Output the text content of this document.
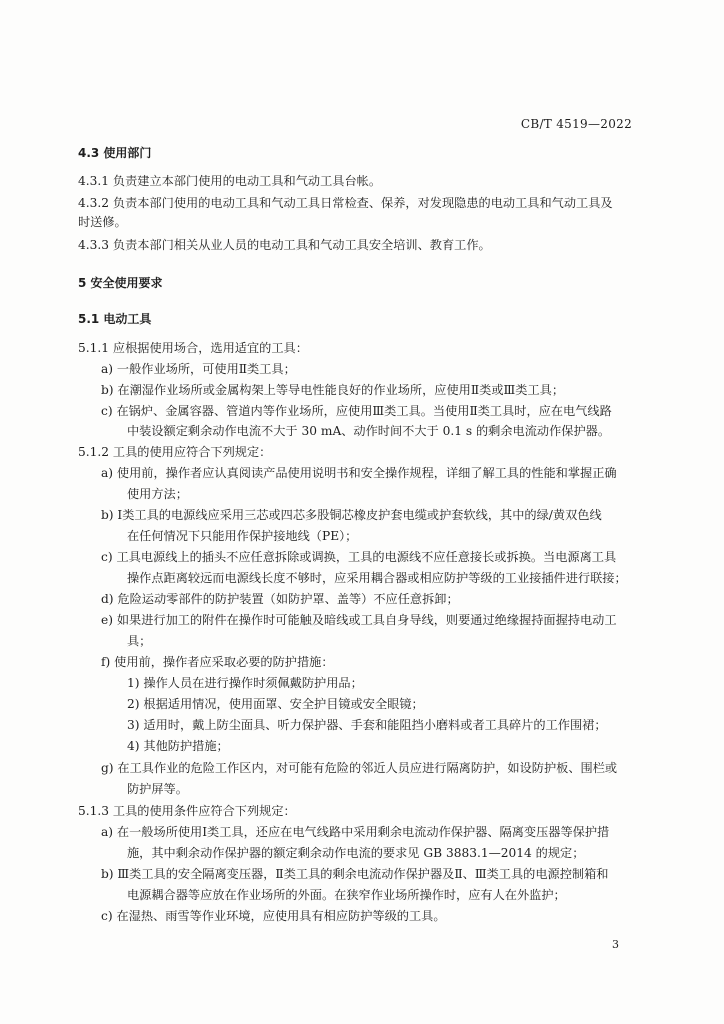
CB/T 4519—2022
4.3 使用部门
4.3.1 负责建立本部门使用的电动工具和气动工具台帐。
4.3.2 负责本部门使用的电动工具和气动工具日常检查、保养，对发现隐患的电动工具和气动工具及
时送修。
4.3.3 负责本部门相关从业人员的电动工具和气动工具安全培训、教育工作。
5 安全使用要求
5.1 电动工具
5.1.1 应根据使用场合，选用适宜的工具：
a) 一般作业场所，可使用Ⅱ类工具；
b) 在潮湿作业场所或金属构架上等导电性能良好的作业场所，应使用Ⅱ类或Ⅲ类工具；
c) 在锅炉、金属容器、管道内等作业场所，应使用Ⅲ类工具。当使用Ⅱ类工具时，应在电气线路
中装设额定剩余动作电流不大于 30 mA、动作时间不大于 0.1 s 的剩余电流动作保护器。
5.1.2 工具的使用应符合下列规定：
a) 使用前，操作者应认真阅读产品使用说明书和安全操作规程，详细了解工具的性能和掌握正确
使用方法；
b) Ⅰ类工具的电源线应采用三芯或四芯多股铜芯橡皮护套电缆或护套软线，其中的绿/黄双色线
在任何情况下只能用作保护接地线（PE）；
c) 工具电源线上的插头不应任意拆除或调换，工具的电源线不应任意接长或拆换。当电源离工具
操作点距离较远而电源线长度不够时，应采用耦合器或相应防护等级的工业接插件进行联接；
d) 危险运动零部件的防护装置（如防护罩、盖等）不应任意拆卸；
e) 如果进行加工的附件在操作时可能触及暗线或工具自身导线，则要通过绝缘握持面握持电动工
具；
f) 使用前，操作者应采取必要的防护措施：
1) 操作人员在进行操作时须佩戴防护用品；
2) 根据适用情况，使用面罩、安全护目镜或安全眼镜；
3) 适用时，戴上防尘面具、听力保护器、手套和能阻挡小磨料或者工具碎片的工作围裙；
4) 其他防护措施；
g) 在工具作业的危险工作区内，对可能有危险的邻近人员应进行隔离防护，如设防护板、围栏或
防护屏等。
5.1.3 工具的使用条件应符合下列规定：
a) 在一般场所使用Ⅰ类工具，还应在电气线路中采用剩余电流动作保护器、隔离变压器等保护措
施，其中剩余动作保护器的额定剩余动作电流的要求见 GB 3883.1—2014 的规定；
b) Ⅲ类工具的安全隔离变压器，Ⅱ类工具的剩余电流动作保护器及Ⅱ、Ⅲ类工具的电源控制箱和
电源耦合器等应放在作业场所的外面。在狭窄作业场所操作时，应有人在外监护；
c) 在湿热、雨雪等作业环境，应使用具有相应防护等级的工具。
3
